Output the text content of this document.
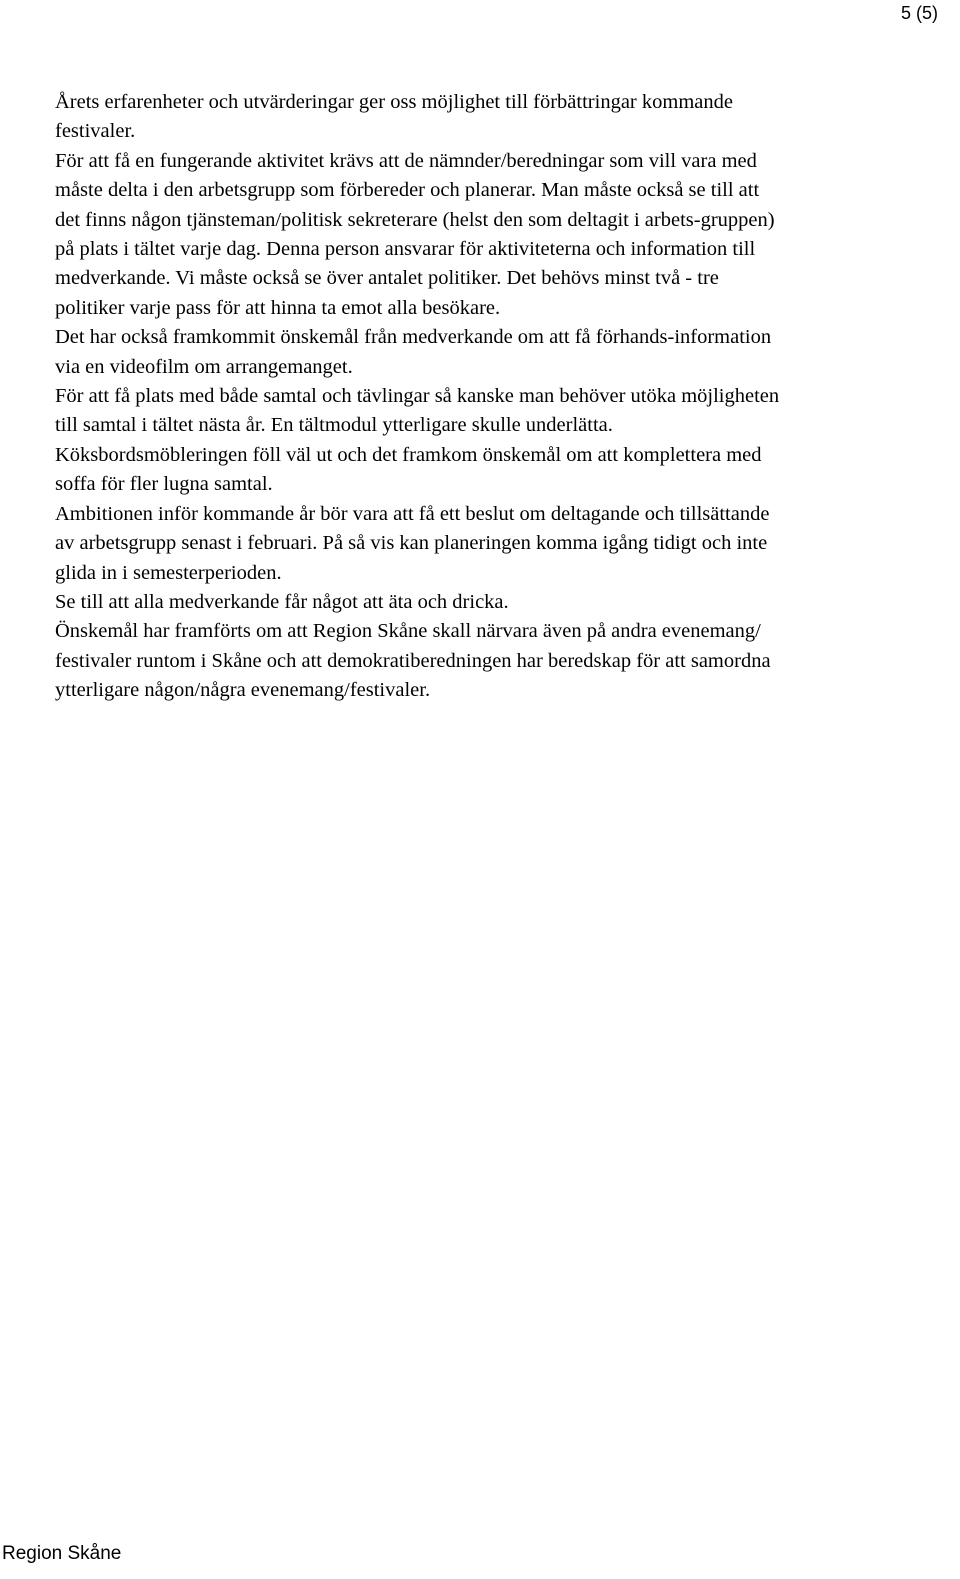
5 (5)
Årets erfarenheter och utvärderingar ger oss möjlighet till förbättringar kommande
festivaler.
För att få en fungerande aktivitet krävs att de nämnder/beredningar som vill vara med
måste delta i den arbetsgrupp som förbereder och planerar. Man måste också se till att
det finns någon tjänsteman/politisk sekreterare (helst den som deltagit i arbets-gruppen)
på plats i tältet varje dag. Denna person ansvarar för aktiviteterna och information till
medverkande. Vi måste också se över antalet politiker. Det behövs minst två - tre
politiker varje pass för att hinna ta emot alla besökare.
Det har också framkommit önskemål från medverkande om att få förhands-information
via en videofilm om arrangemanget.
För att få plats med både samtal och tävlingar så kanske man behöver utöka möjligheten
till samtal i tältet nästa år. En tältmodul ytterligare skulle underlätta.
Köksbordsmöbleringen föll väl ut och det framkom önskemål om att komplettera med
soffa för fler lugna samtal.
Ambitionen inför kommande år bör vara att få ett beslut om deltagande och tillsättande
av arbetsgrupp senast i februari. På så vis kan planeringen komma igång tidigt och inte
glida in i semesterperioden.
Se till att alla medverkande får något att äta och dricka.
Önskemål har framförts om att Region Skåne skall närvara även på andra evenemang/
festivaler runtom i Skåne och att demokratiberedningen har beredskap för att samordna
ytterligare någon/några evenemang/festivaler.
Region Skåne
